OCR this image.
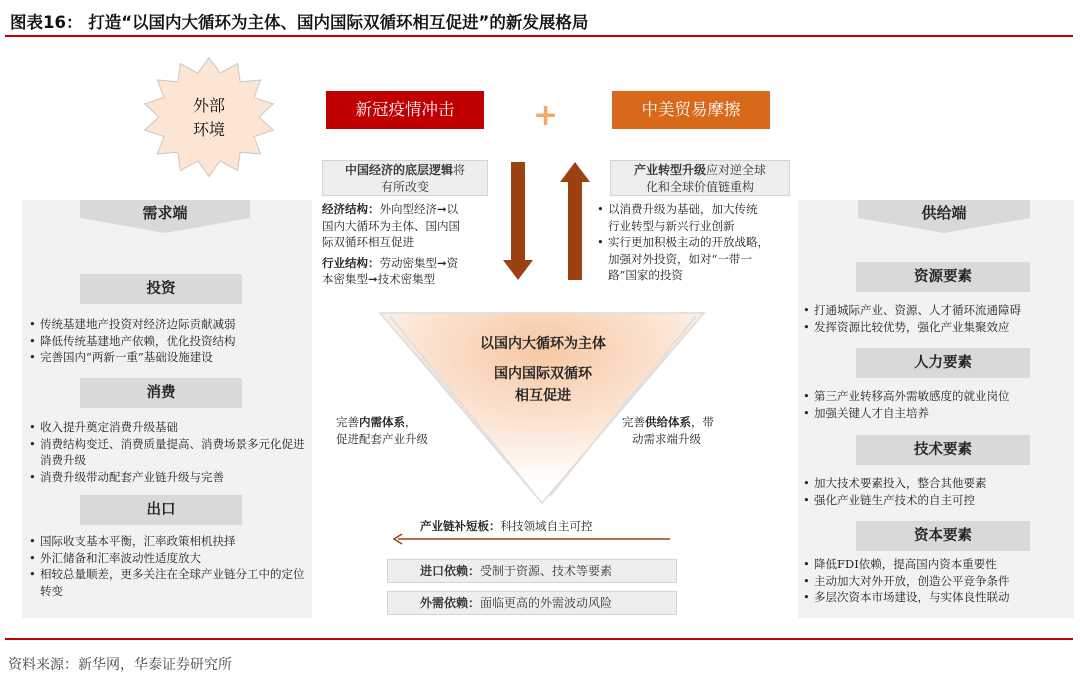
图表16： 打造“以国内大循环为主体、国内国际双循环相互促进”的新发展格局
外部
环境
新冠疫情冲击	+	中美贸易摩擦
中国经济的底层逻辑将
有所改变
产业转型升级应对逆全球
化和全球价值链重构
经济结构：外向型经济➞以
国内大循环为主体、国内国
际双循环相互促进
行业结构：劳动密集型➞资
本密集型➞技术密集型
• 以消费升级为基础，加大传统
行业转型与新兴行业创新
• 实行更加积极主动的开放战略，
加强对外投资，如对“一带一
路”国家的投资
以国内大循环为主体
国内国际双循环
相互促进
完善内需体系，
促进配套产业升级
完善供给体系，带
动需求端升级
产业链补短板：科技领域自主可控
进口依赖：受制于资源、技术等要素
外需依赖：面临更高的外需波动风险
需求端
投资
• 传统基建地产投资对经济边际贡献减弱
• 降低传统基建地产依赖，优化投资结构
• 完善国内“两新一重”基础设施建设
消费
• 收入提升奠定消费升级基础
• 消费结构变迁、消费质量提高、消费场景多元化促进消费升级
• 消费升级带动配套产业链升级与完善
出口
• 国际收支基本平衡，汇率政策相机抉择
• 外汇储备和汇率波动性适度放大
• 相较总量顺差，更多关注在全球产业链分工中的定位转变
供给端
资源要素
• 打通城际产业、资源、人才循环流通障碍
• 发挥资源比较优势，强化产业集聚效应
人力要素
• 第三产业转移高外需敏感度的就业岗位
• 加强关键人才自主培养
技术要素
• 加大技术要素投入，整合其他要素
• 强化产业链生产技术的自主可控
资本要素
• 降低FDI依赖，提高国内资本重要性
• 主动加大对外开放，创造公平竞争条件
• 多层次资本市场建设，与实体良性联动
资料来源：新华网，华泰证券研究所
